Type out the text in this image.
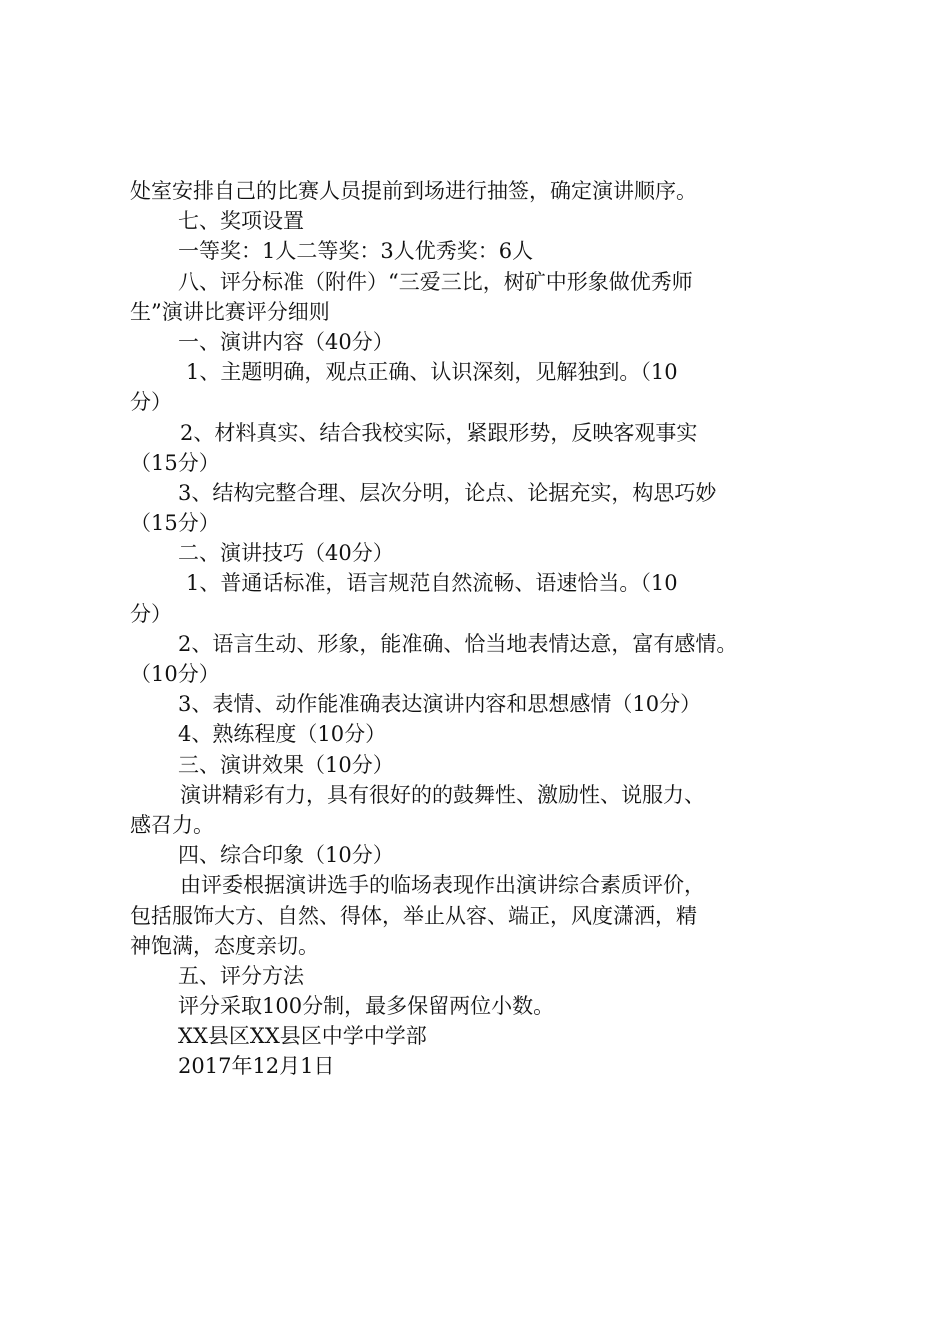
处室安排自己的比赛人员提前到场进行抽签，确定演讲顺序。
七、奖项设置
一等奖：1人二等奖：3人优秀奖：6人
八、评分标准（附件）“三爱三比，树矿中形象做优秀师
生”演讲比赛评分细则
一、演讲内容（40分）
1、主题明确，观点正确、认识深刻，见解独到。（10
分）
2、材料真实、结合我校实际，紧跟形势，反映客观事实
（15分）
3、结构完整合理、层次分明，论点、论据充实，构思巧妙
（15分）
二、演讲技巧（40分）
1、普通话标准，语言规范自然流畅、语速恰当。（10
分）
2、语言生动、形象，能准确、恰当地表情达意，富有感情。
（10分）
3、表情、动作能准确表达演讲内容和思想感情（10分）
4、熟练程度（10分）
三、演讲效果（10分）
演讲精彩有力，具有很好的的鼓舞性、激励性、说服力、
感召力。
四、综合印象（10分）
由评委根据演讲选手的临场表现作出演讲综合素质评价，
包括服饰大方、自然、得体，举止从容、端正，风度潇洒，精
神饱满，态度亲切。
五、评分方法
评分采取100分制，最多保留两位小数。
XX县区XX县区中学中学部
2017年12月1日
